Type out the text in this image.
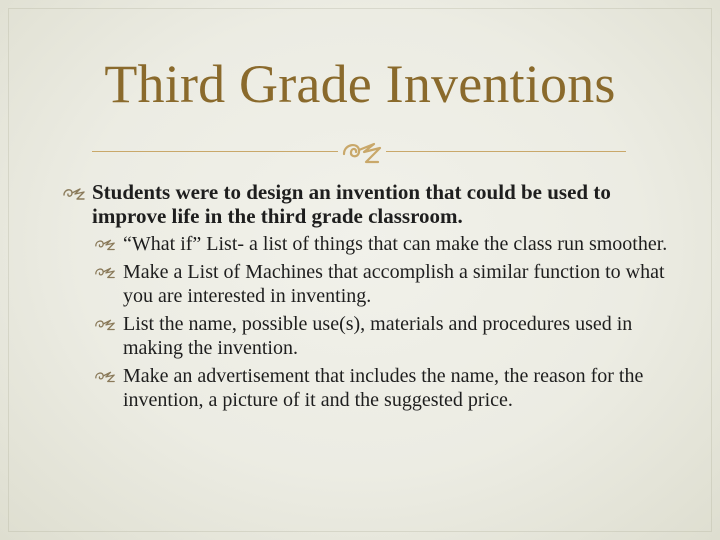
Third Grade Inventions
Students were to design an invention that could be used to improve life in the third grade classroom.
“What if” List- a list of things that can make the class run smoother.
Make a List of Machines that accomplish a similar function to what you are interested in inventing.
List the name, possible use(s), materials and procedures used in making the invention.
Make an advertisement that includes the name, the reason for the invention, a picture of it and the suggested price.
